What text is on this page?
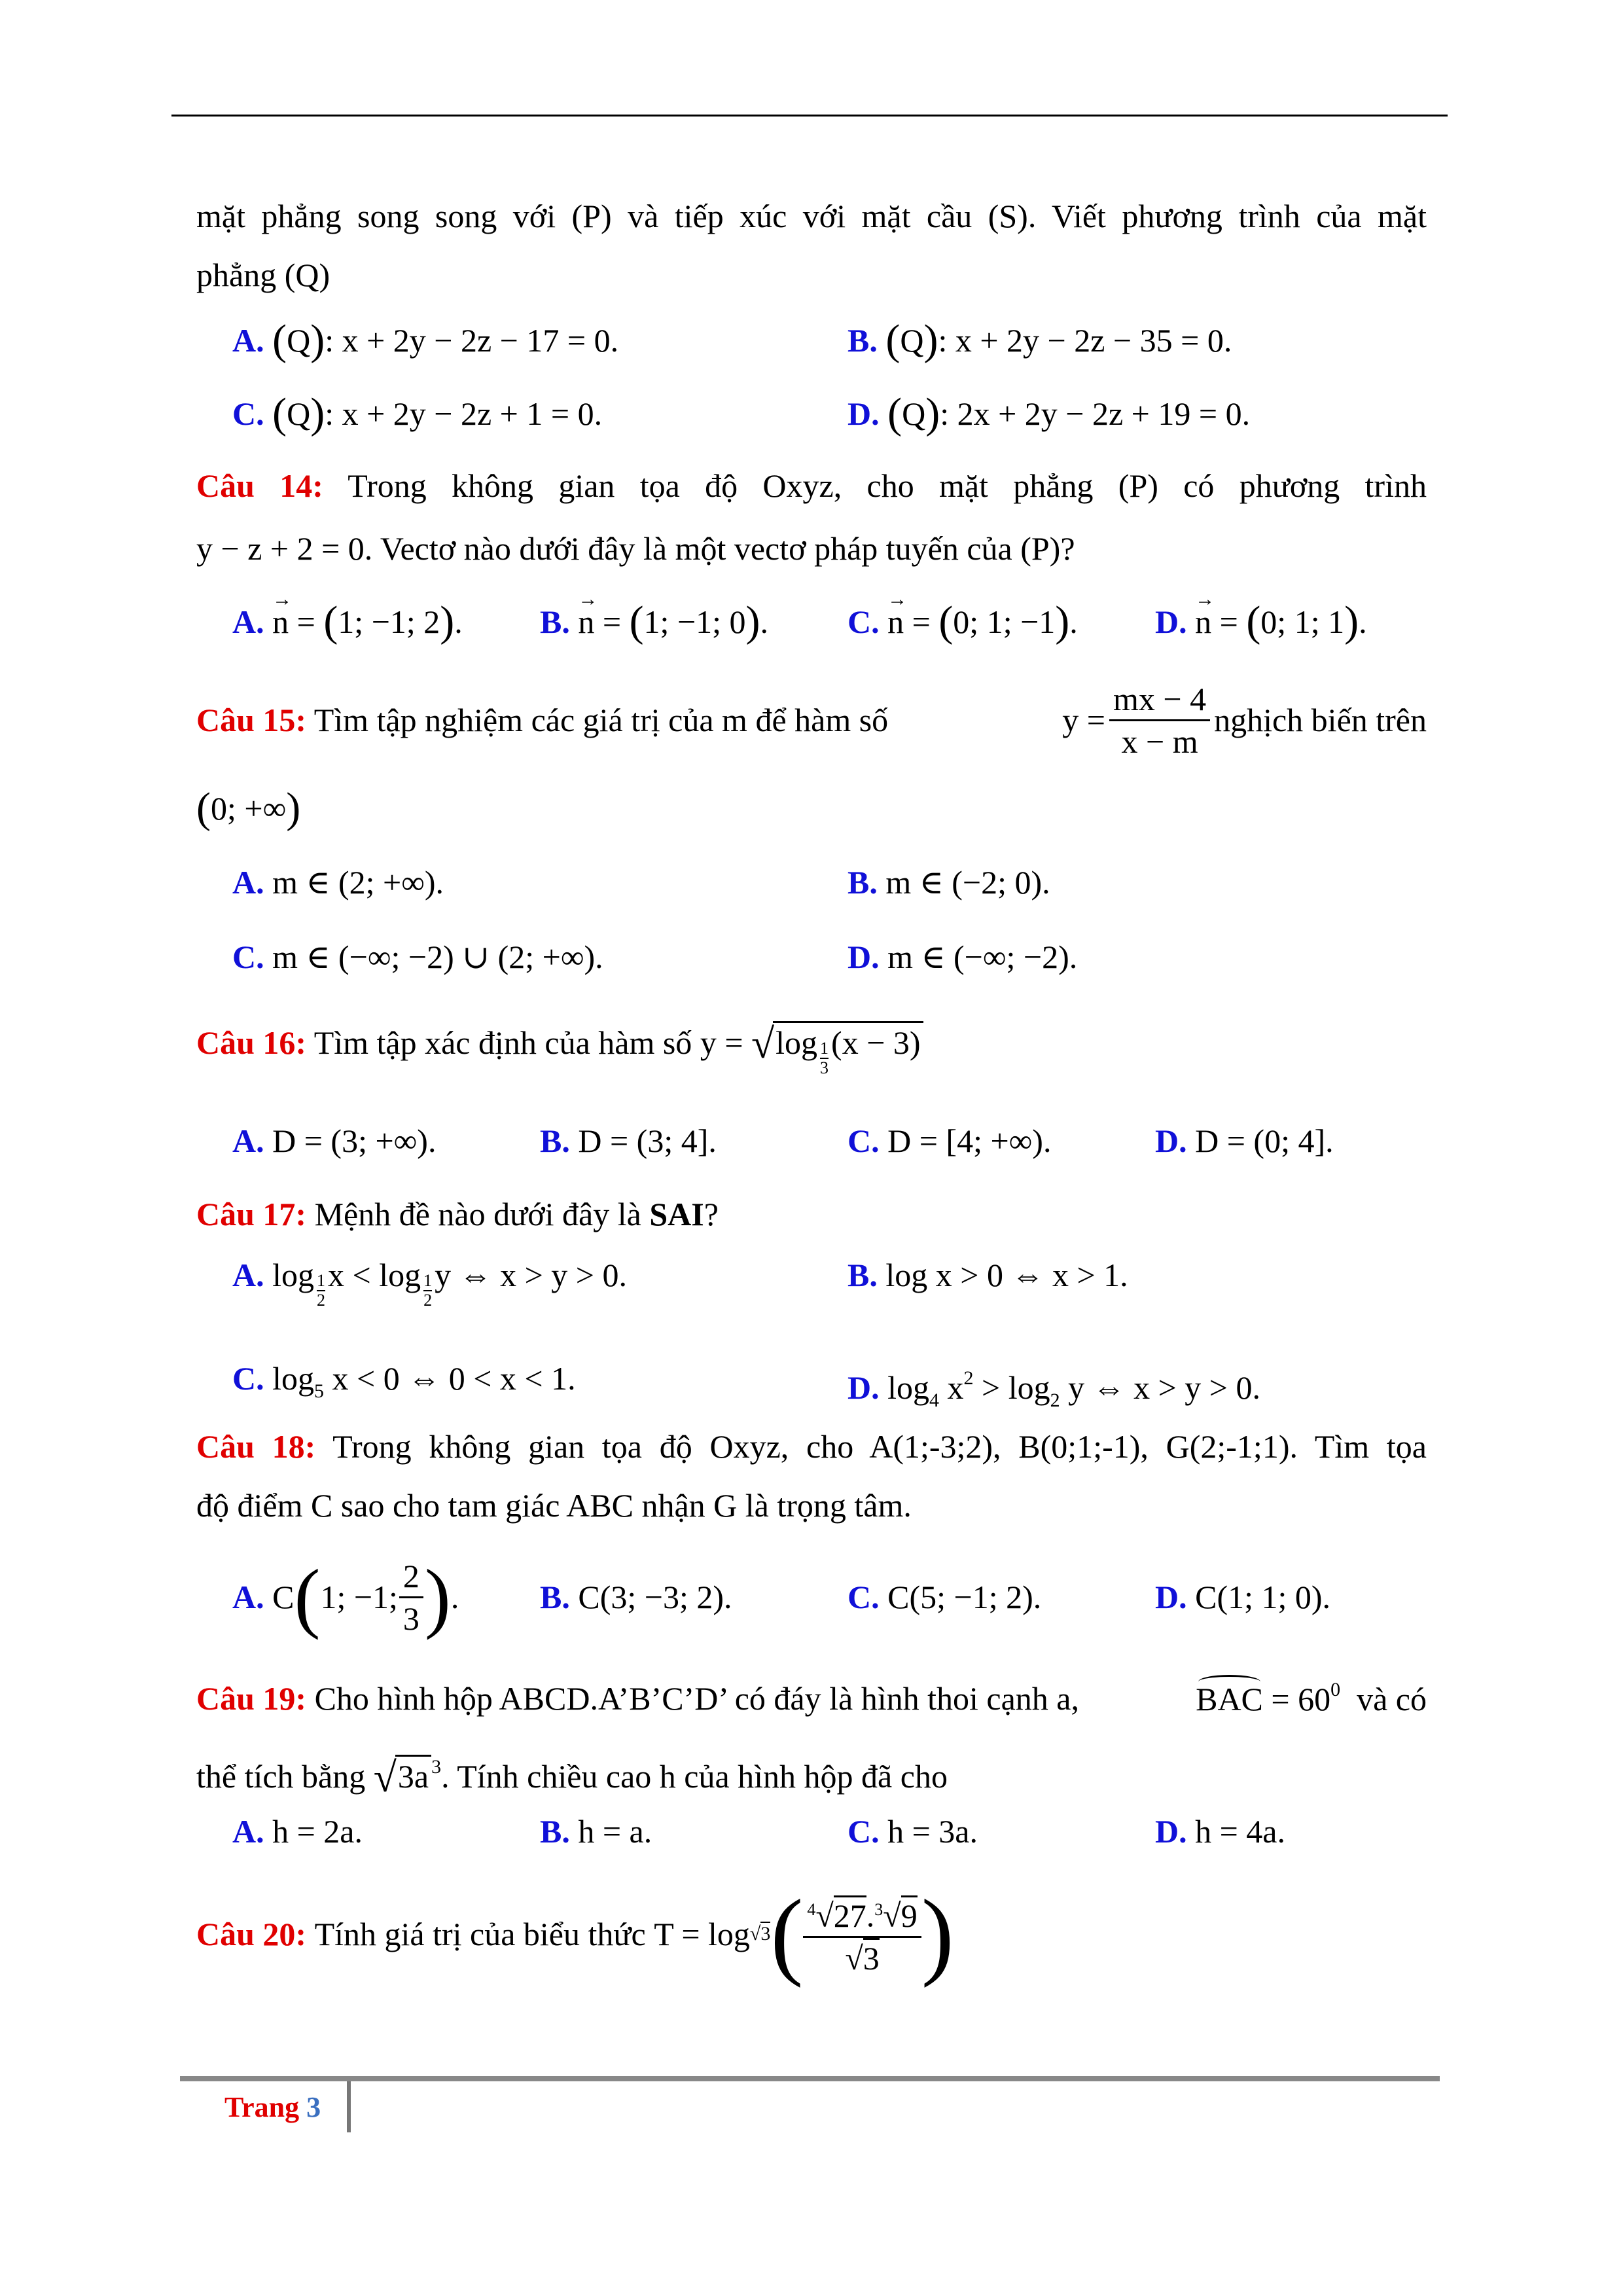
mặt phẳng song song với (P) và tiếp xúc với mặt cầu (S). Viết phương trình của mặt
phẳng (Q)
A. (Q): x + 2y − 2z − 17 = 0.	B. (Q): x + 2y − 2z − 35 = 0.
C. (Q): x + 2y − 2z + 1 = 0.	D. (Q): 2x + 2y − 2z + 19 = 0.
Câu 14: Trong không gian tọa độ Oxyz, cho mặt phẳng (P) có phương trình
y − z + 2 = 0. Vectơ nào dưới đây là một vectơ pháp tuyến của (P)?
A. → n = (1; −1; 2). B. → n = (1; −1; 0). C. → n = (0; 1; −1). D. → n = (0; 1; 1).
Câu 15: Tìm tập nghiệm các giá trị của m để hàm số	$y = \frac{mx - 4}{x - m}$ nghịch biến trên
(0; +∞)
A. m ∈ (2; +∞).	B. m ∈ (−2; 0).
C. m ∈ (−∞; −2) ∪ (2; +∞).	D. m ∈ (−∞; −2).
Câu 16: Tìm tập xác định của hàm số $y = √\log \frac{1}{3} (x - 3)$
A. D = (3; +∞).	B. D = (3; 4].	C. D = [4; +∞).	D. D = (0; 4].
Câu 17: Mệnh đề nào dưới đây là SAI?
A. $\log \frac{1}{2}$ $x < \log \frac{1}{2}$ y ⇔ x > y > 0.	B. log x > 0 ⇔ x > 1.
C. $\log_5 x < 0$ ⇔ 0 < x < 1.	D. $\log_4 x^2 > \log_2 y$ ⇔ x > y > 0.
Câu 18: Trong không gian tọa độ Oxyz, cho A(1;-3;2), B(0;1;-1), G(2;-1;1). Tìm tọa
độ điểm C sao cho tam giác ABC nhận G là trọng tâm.
A.
C ( 1; −1; $\frac{2}{3}$ ) . B. C(3; −3; 2).	C. C(5; −1; 2).	D. C(1; 1; 0).
Câu 19: Cho hình hộp ABCD.A’B’C’D’ có đáy là hình thoi cạnh a,	BAC = $60^0$ và có
thể tích bằng √3a $^3$. Tính chiều cao h của hình hộp đã cho
A. h = 2a.	B. h = a.	C. h = 3a.	D. h = 4a.
Câu 20:
Tính giá trị của biểu thức
T = log √3 ( $\frac{^4√27.^3√9}{√3}$ )
Trang 3
